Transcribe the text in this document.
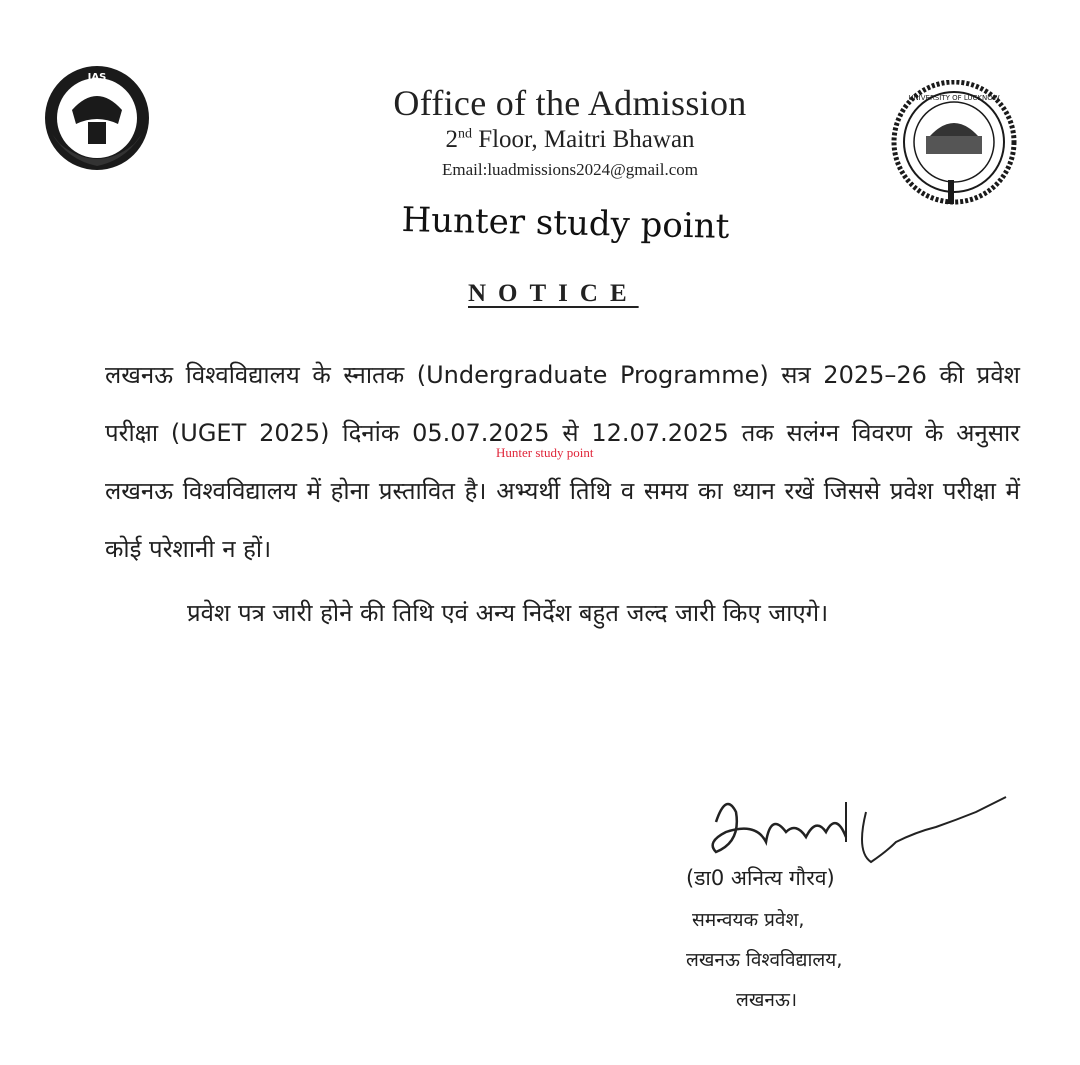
IAS
UNIVERSITY OF LUCKNOW
Office of the Admission
2nd Floor, Maitri Bhawan
Email:luadmissions2024@gmail.com
Hunter study point
NOTICE

लखनऊ विश्वविद्यालय के स्नातक (Undergraduate Programme) सत्र 2025–26 की प्रवेश परीक्षा (UGET 2025) दिनांक 05.07.2025 से 12.07.2025 तक सलंग्न विवरण के अनुसार लखनऊ विश्वविद्यालय में होना प्रस्तावित है। अभ्यर्थी तिथि व समय का ध्यान रखें जिससे प्रवेश परीक्षा में कोई परेशानी न हों।

प्रवेश पत्र जारी होने की तिथि एवं अन्य निर्देश बहुत जल्द जारी किए जाएगे।

Hunter study point
(डा0 अनित्य गौरव)
समन्वयक प्रवेश,
लखनऊ विश्वविद्यालय,
लखनऊ।
